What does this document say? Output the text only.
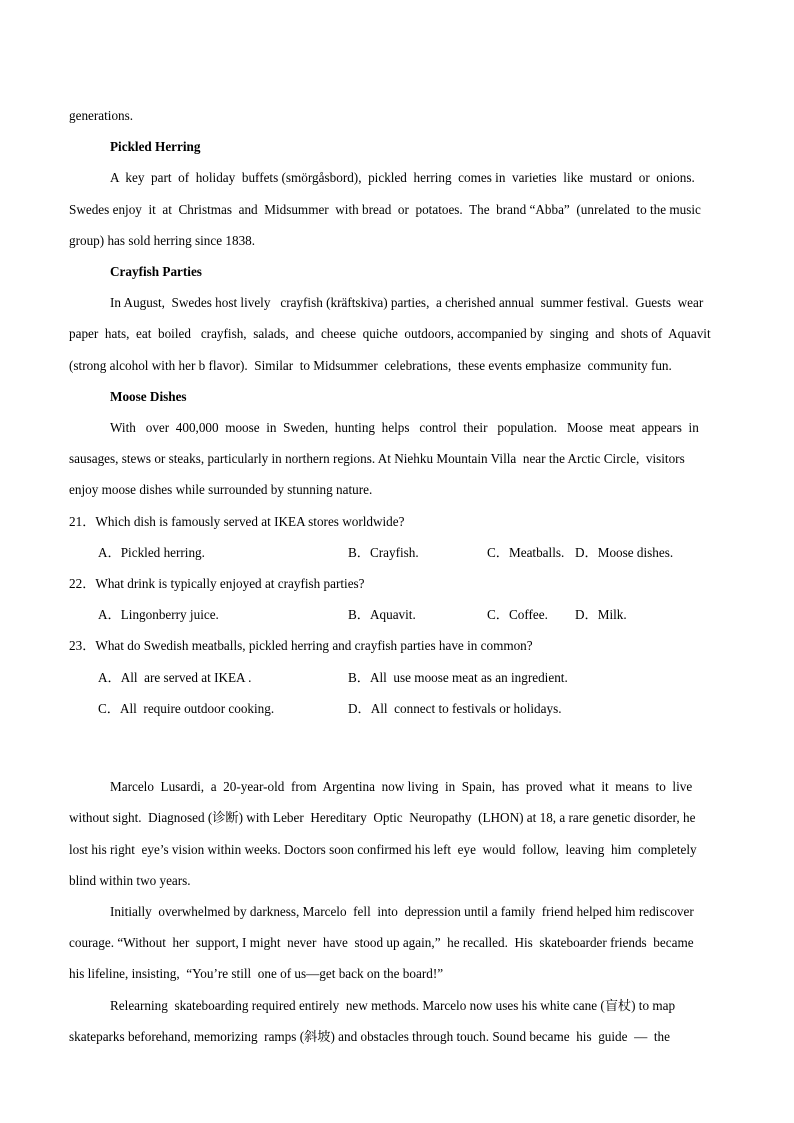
generations.

Pickled Herring

A  key  part  of  holiday  buffets (smörgåsbord),  pickled  herring  comes in  varieties  like  mustard  or  onions.
Swedes enjoy  it  at  Christmas  and  Midsummer  with bread  or  potatoes.  The  brand “Abba”  (unrelated  to the music
group) has sold herring since 1838.

Crayfish Parties

In August,  Swedes host lively   crayfish (kräftskiva) parties,  a cherished annual  summer festival.  Guests  wear
paper  hats,  eat  boiled   crayfish,  salads,  and  cheese  quiche  outdoors, accompanied by  singing  and  shots of  Aquavit
(strong alcohol with her b flavor).  Similar  to Midsummer  celebrations,  these events emphasize  community fun.

Moose Dishes

With   over  400,000  moose  in  Sweden,  hunting  helps   control  their   population.   Moose  meat  appears  in
sausages, stews or steaks, particularly in northern regions. At Niehku Mountain Villa  near the Arctic Circle,  visitors
enjoy moose dishes while surrounded by stunning nature.

21．Which dish is famously served at IKEA stores worldwide?

A．Pickled herring.	B．Crayfish.	C．Meatballs. D．Moose dishes.

22．What drink is typically enjoyed at crayfish parties?

A．Lingonberry juice.	B．Aquavit.	C．Coffee. D．Milk.

23．What do Swedish meatballs, pickled herring and crayfish parties have in common?

A．All  are served at IKEA .	B．All  use moose meat as an ingredient.
C．All  require outdoor cooking.	D．All  connect to festivals or holidays.
Marcelo  Lusardi,  a  20-year-old  from  Argentina  now living  in  Spain,  has  proved  what  it  means  to  live
without sight.  Diagnosed (诊断) with Leber  Hereditary  Optic  Neuropathy  (LHON) at 18, a rare genetic disorder, he
lost his right  eye’s vision within weeks. Doctors soon confirmed his left  eye  would  follow,  leaving  him  completely
blind within two years.
Initially  overwhelmed by darkness, Marcelo  fell  into  depression until a family  friend helped him rediscover
courage. “Without  her  support, I might  never  have  stood up again,”  he recalled.  His  skateboarder friends  became
his lifeline, insisting,  “You’re still  one of us—get back on the board!”
Relearning  skateboarding required entirely  new methods. Marcelo now uses his white cane (盲杖) to map
skateparks beforehand, memorizing  ramps (斜坡) and obstacles through touch. Sound became  his  guide  —  the
